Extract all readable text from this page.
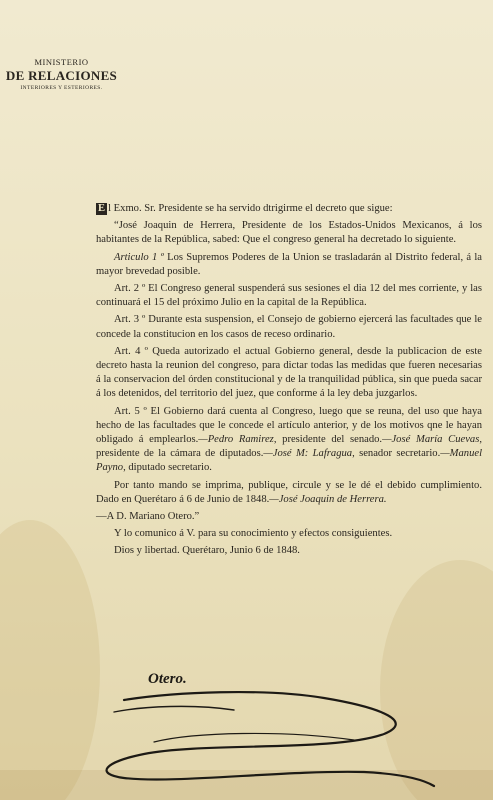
MINISTERIO
DE RELACIONES
INTERIORES Y ESTERIORES.

E l Exmo. Sr. Presidente se ha servido dtrigirme el decreto que sigue:

“José Joaquin de Herrera, Presidente de los Estados-Unidos Mexicanos, á los habitantes de la República, sabed: Que el congreso general ha decretado lo siguiente.

Articulo 1 º Los Supremos Poderes de la Union se trasladarán al Distrito federal, á la mayor brevedad posible.

Art. 2 º El Congreso general suspenderá sus sesiones el dia 12 del mes corriente, y las continuará el 15 del próximo Julio en la capital de la República.

Art. 3 º Durante esta suspension, el Consejo de gobierno ejercerá las facultades que le concede la constitucion en los casos de receso ordinario.

Art. 4 º Queda autorizado el actual Gobierno general, desde la publicacion de este decreto hasta la reunion del congreso, para dictar todas las medidas que fueren necesarias á la conservacion del órden constitucional y de la tranquilidad pública, sin que pueda sacar á los detenidos, del territorio del juez, que conforme á la ley deba juzgarlos.

Art. 5 º El Gobierno dará cuenta al Congreso, luego que se reuna, del uso que haya hecho de las facultades que le concede el artículo anterior, y de los motivos qne le hayan obligado á emplearlos.—Pedro Ramirez, presidente del senado.—José María Cuevas, presidente de la cámara de diputados.—José M: Lafragua, senador secretario.—Manuel Payno, diputado secretario.

Por tanto mando se imprima, publique, circule y se le dé el debido cumplimiento. Dado en Querétaro á 6 de Junio de 1848.—José Joaquin de Herrera.

—A D. Mariano Otero.”

Y lo comunico á V. para su conocimiento y efectos consiguientes.

Dios y libertad. Querétaro, Junio 6 de 1848.

Otero.
